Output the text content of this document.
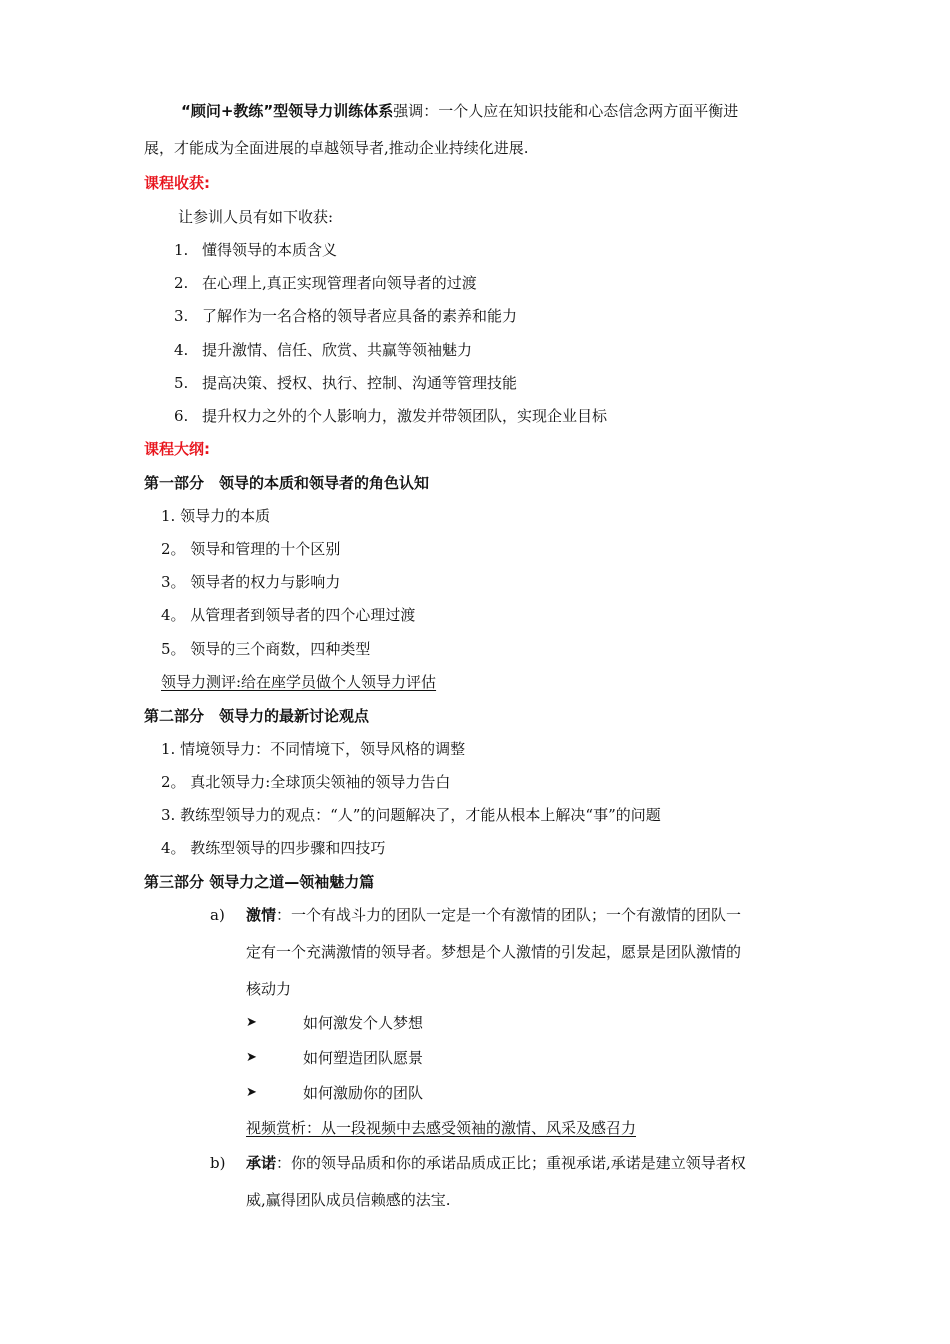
“顾问+教练”型领导力训练体系强调：一个人应在知识技能和心态信念两方面平衡进
展，才能成为全面进展的卓越领导者,推动企业持续化进展.
课程收获:
让参训人员有如下收获:
1. 懂得领导的本质含义
2. 在心理上,真正实现管理者向领导者的过渡
3. 了解作为一名合格的领导者应具备的素养和能力
4. 提升激情、信任、欣赏、共赢等领袖魅力
5. 提高决策、授权、执行、控制、沟通等管理技能
6. 提升权力之外的个人影响力，激发并带领团队，实现企业目标
课程大纲:
第一部分　领导的本质和领导者的角色认知
1. 领导力的本质
2。 领导和管理的十个区别
3。 领导者的权力与影响力
4。 从管理者到领导者的四个心理过渡
5。 领导的三个商数，四种类型
领导力测评:给在座学员做个人领导力评估
第二部分　领导力的最新讨论观点
1. 情境领导力：不同情境下，领导风格的调整
2。 真北领导力:全球顶尖领袖的领导力告白
3. 教练型领导力的观点：“人”的问题解决了，才能从根本上解决“事”的问题
4。 教练型领导的四步骤和四技巧
第三部分 领导力之道—领袖魅力篇
a) 激情：一个有战斗力的团队一定是一个有激情的团队；一个有激情的团队一
定有一个充满激情的领导者。梦想是个人激情的引发起，愿景是团队激情的
核动力
➤	如何激发个人梦想
➤	如何塑造团队愿景
➤	如何激励你的团队
视频赏析：从一段视频中去感受领袖的激情、风采及感召力
b) 承诺：你的领导品质和你的承诺品质成正比；重视承诺,承诺是建立领导者权
威,赢得团队成员信赖感的法宝.
